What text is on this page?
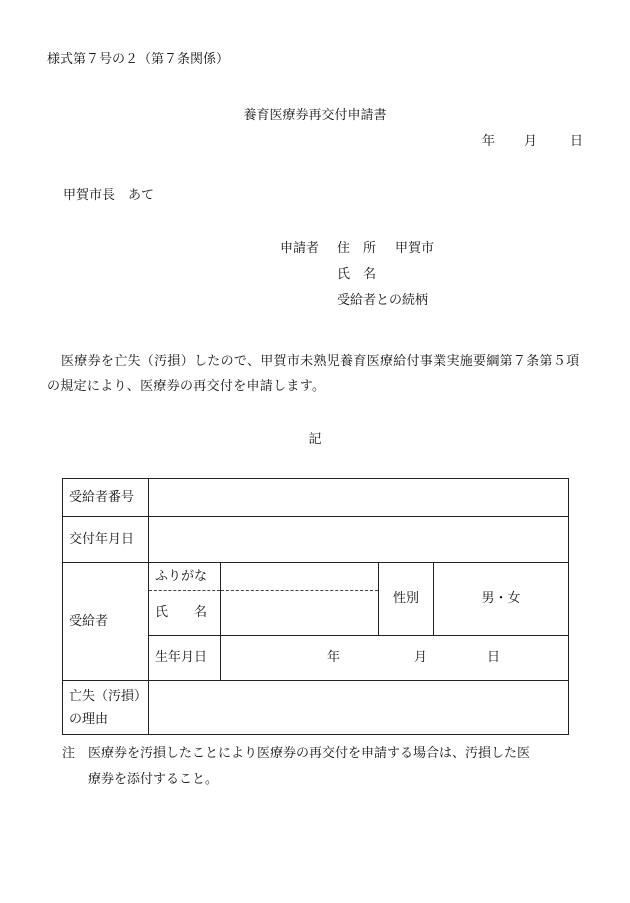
様式第７号の２（第７条関係）
養育医療券再交付申請書
年 月	日
甲賀市長　あて
申請者 住　所 甲賀市
氏　名
受給者との続柄
医療券を亡失（汚損）したので、甲賀市未熟児養育医療給付事業実施要綱第７条第５項の規定により、医療券の再交付を申請します。
記
受給者番号				
交付年月日				
受給者	ふりがな		性別	男・女
	氏　　名			
	生年月日	年 月 日		

亡失（汚損）
の理由				

注　医療券を汚損したことにより医療券の再交付を申請する場合は、汚損した医
療券を添付すること。
